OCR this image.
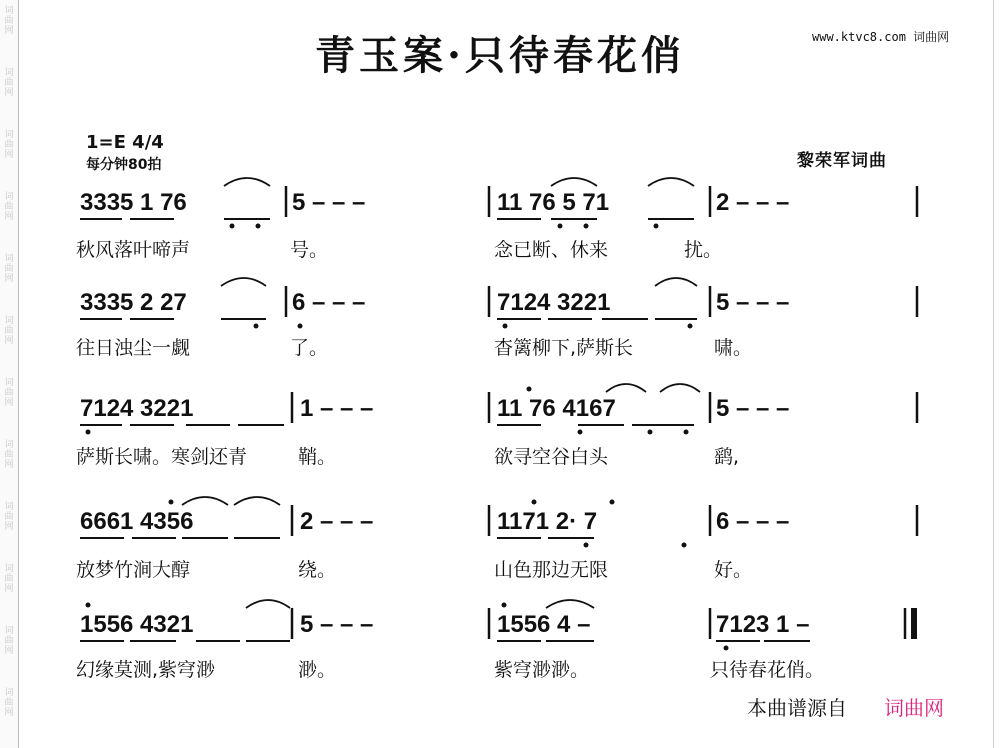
词
曲
网
词
曲
网
词
曲
网
词
曲
网
词
曲
网
词
曲
网
词
曲
网
词
曲
网
词
曲
网
词
曲
网
词
曲
网
词
曲
网
青玉案·只待春花俏	www.ktvc8.com 词曲网
1=E 4/4
每分钟80拍	黎荣军词曲
3335 1 76	5 – – –	11 76 5 71	2 – – –
秋风落叶啼声	号。	念已断、休来	扰。
3335 2 27	6 – – –	7124 3221	5 – – –
往日浊尘一觑	了。	杳篱柳下,萨斯长	啸。
7124 3221	1 – – –	11 76 4167	5 – – –
萨斯长啸。寒剑还青	鞘。	欲寻空谷白头	鹞,
6661 4356	2 – – –	1171 2· 7	6 – – –
放梦竹涧大醇	绕。	山色那边无限	好。
1556 4321	5 – – –	1556 4 –	7123 1 –
幻缘莫测,紫穹渺	渺。	紫穹渺渺。	只待春花俏。
本曲谱源自 词曲网
